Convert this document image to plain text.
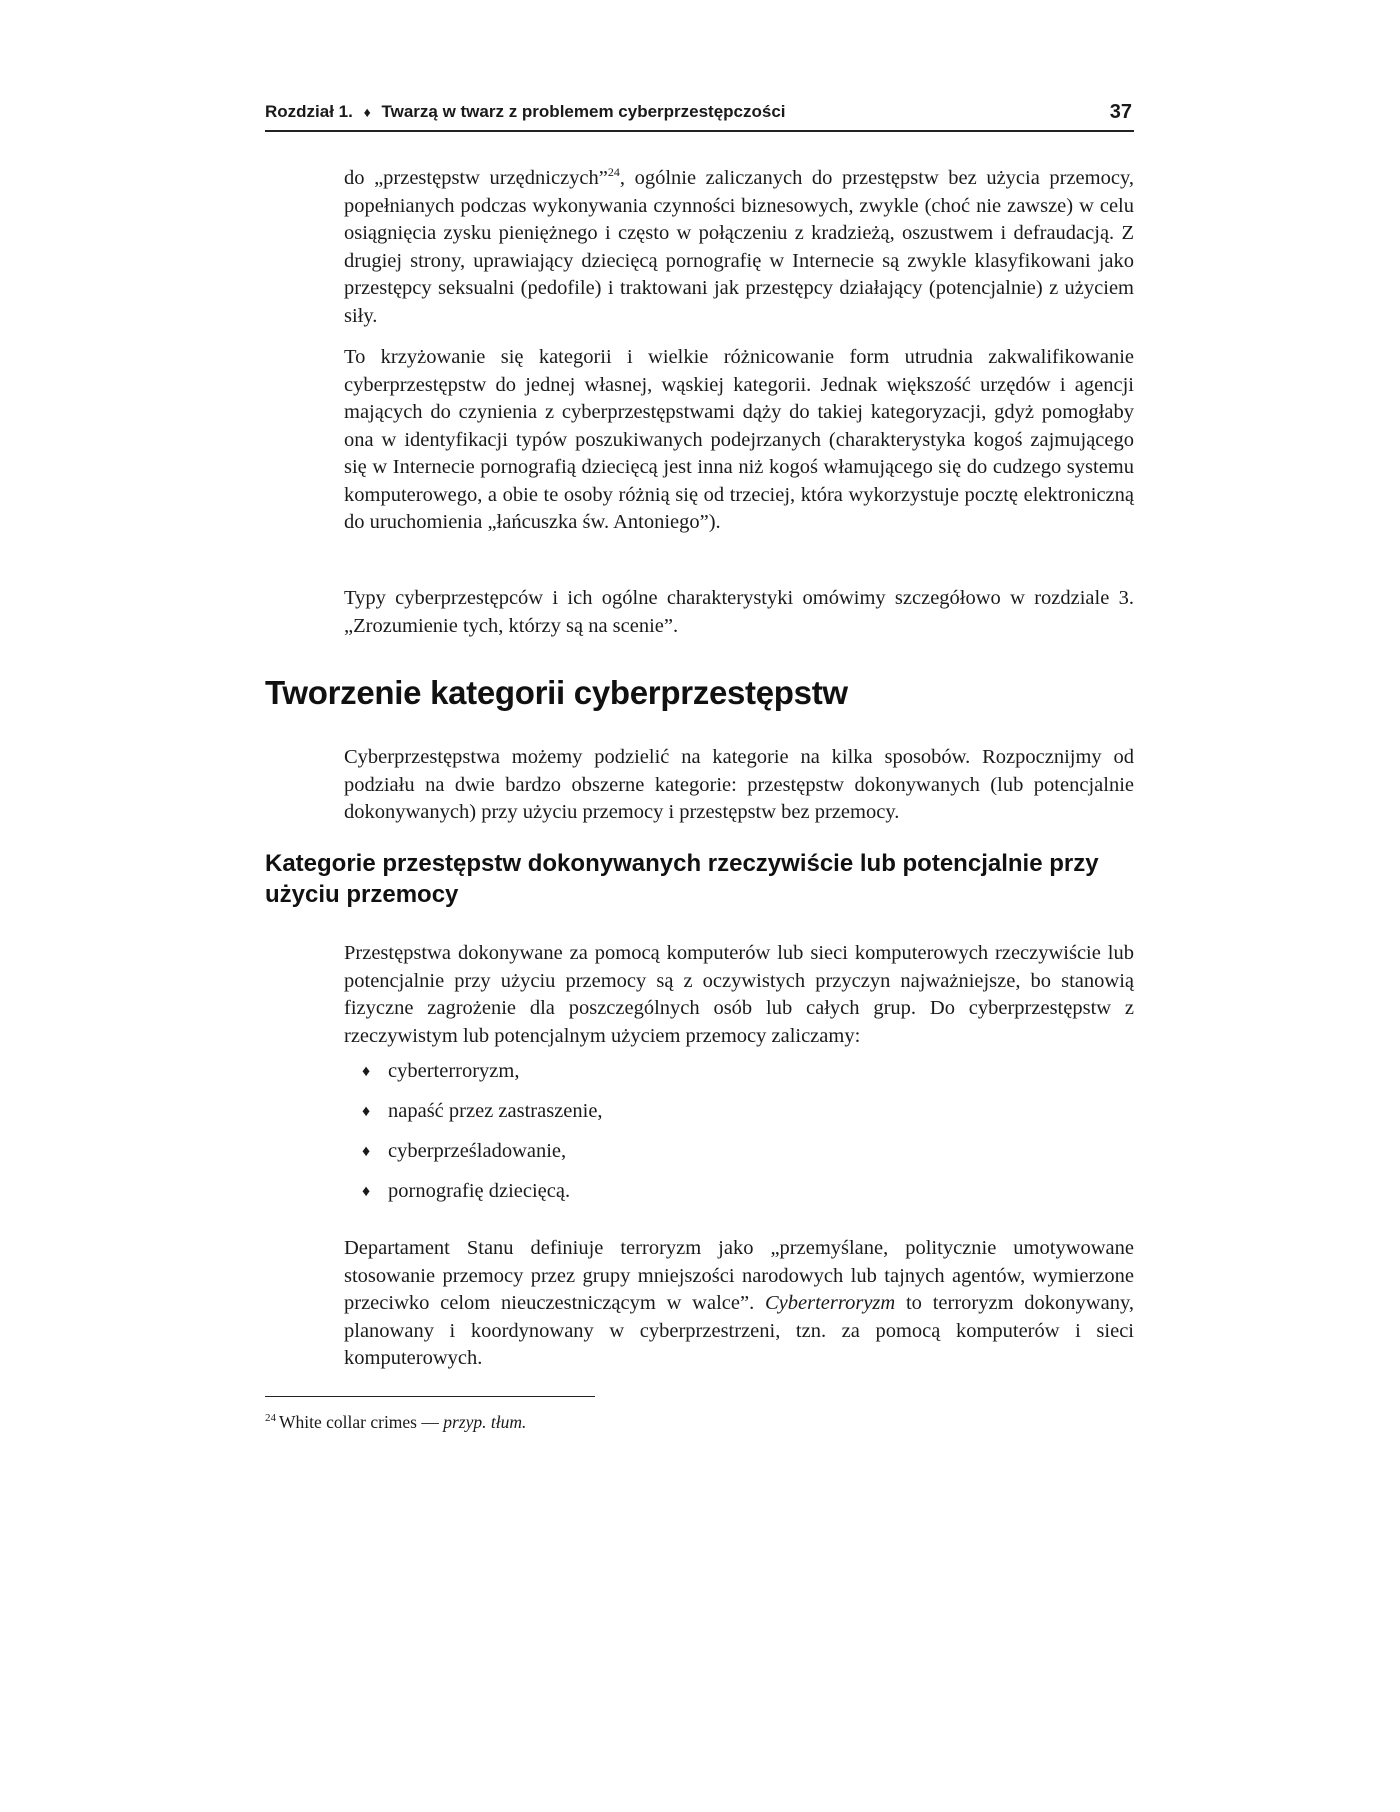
Rozdział 1. ♦ Twarzą w twarz z problemem cyberprzestępczości	37

do „przestępstw urzędniczych”$^{24}$, ogólnie zaliczanych do przestępstw bez użycia przemocy, popełnianych podczas wykonywania czynności biznesowych, zwykle (choć nie zawsze) w celu osiągnięcia zysku pieniężnego i często w połączeniu z kradzieżą, oszustwem i defraudacją. Z drugiej strony, uprawiający dziecięcą pornografię w Internecie są zwykle klasyfikowani jako przestępcy seksualni (pedofile) i traktowani jak przestępcy działający (potencjalnie) z użyciem siły.

To krzyżowanie się kategorii i wielkie różnicowanie form utrudnia zakwalifikowanie cyberprzestępstw do jednej własnej, wąskiej kategorii. Jednak większość urzędów i agencji mających do czynienia z cyberprzestępstwami dąży do takiej kategoryzacji, gdyż pomogłaby ona w identyfikacji typów poszukiwanych podejrzanych (charakterystyka kogoś zajmującego się w Internecie pornografią dziecięcą jest inna niż kogoś włamującego się do cudzego systemu komputerowego, a obie te osoby różnią się od trzeciej, która wykorzystuje pocztę elektroniczną do uruchomienia „łańcuszka św. Antoniego”).

Typy cyberprzestępców i ich ogólne charakterystyki omówimy szczegółowo w rozdziale 3. „Zrozumienie tych, którzy są na scenie”.

Tworzenie kategorii cyberprzestępstw

Cyberprzestępstwa możemy podzielić na kategorie na kilka sposobów. Rozpocznijmy od podziału na dwie bardzo obszerne kategorie: przestępstw dokonywanych (lub potencjalnie dokonywanych) przy użyciu przemocy i przestępstw bez przemocy.

Kategorie przestępstw dokonywanych rzeczywiście lub potencjalnie przy użyciu przemocy

Przestępstwa dokonywane za pomocą komputerów lub sieci komputerowych rzeczywiście lub potencjalnie przy użyciu przemocy są z oczywistych przyczyn najważniejsze, bo stanowią fizyczne zagrożenie dla poszczególnych osób lub całych grup. Do cyberprzestępstw z rzeczywistym lub potencjalnym użyciem przemocy zaliczamy:

♦ cyberterroryzm,
♦ napaść przez zastraszenie,
♦ cyberprześladowanie,
♦ pornografię dziecięcą.

Departament Stanu definiuje terroryzm jako „przemyślane, politycznie umotywowane stosowanie przemocy przez grupy mniejszości narodowych lub tajnych agentów, wymierzone przeciwko celom nieuczestniczącym w walce”. Cyberterroryzm to terroryzm dokonywany, planowany i koordynowany w cyberprzestrzeni, tzn. za pomocą komputerów i sieci komputerowych.

$^{24}$ White collar crimes — przyp. tłum.
